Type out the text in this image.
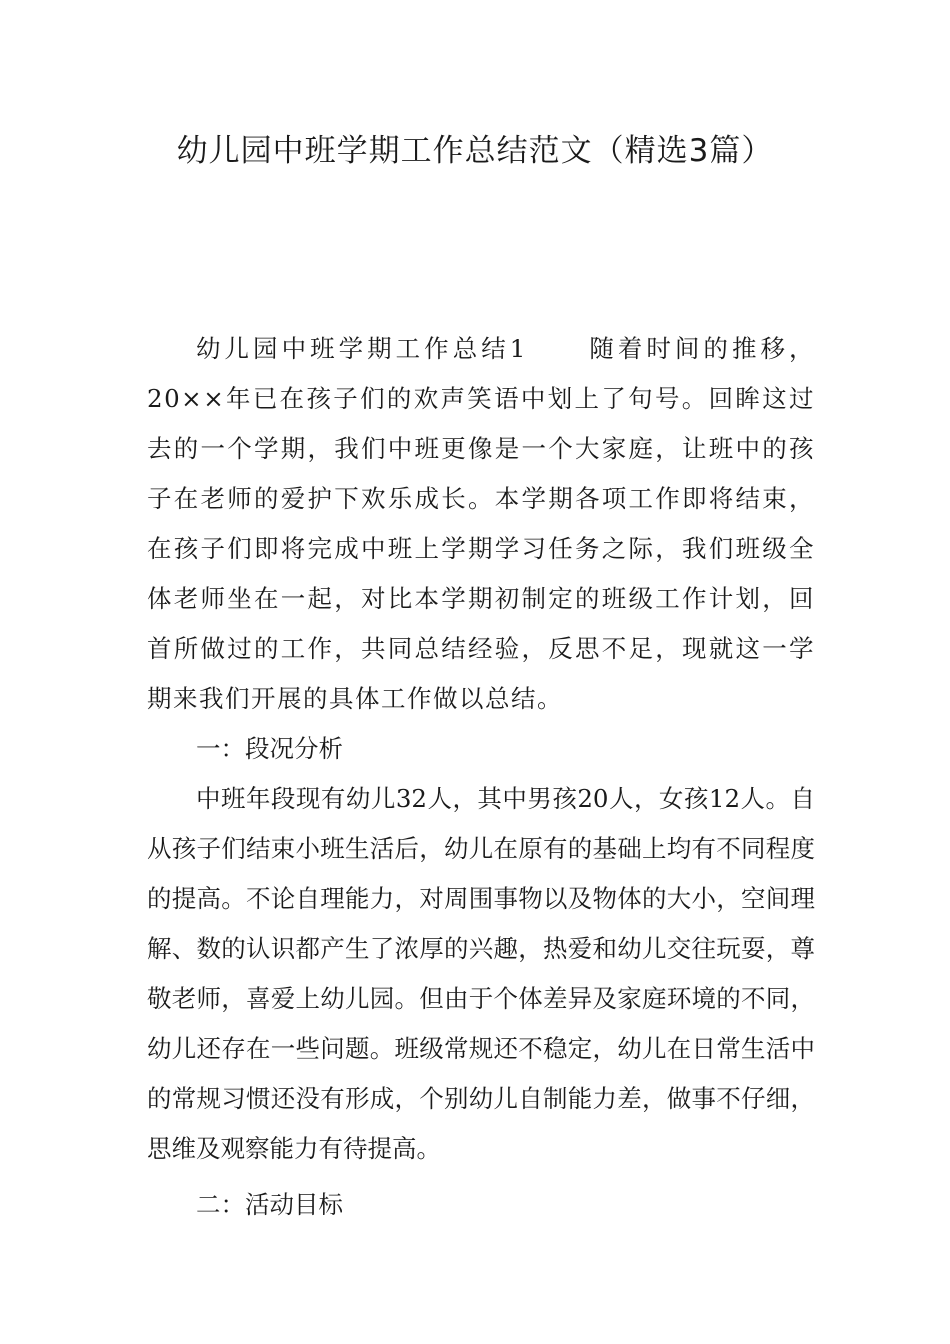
幼儿园中班学期工作总结范文（精选3篇）

幼儿园中班学期工作总结1 随着时间的推移，20××年已在孩子们的欢声笑语中划上了句号。回眸这过去的一个学期，我们中班更像是一个大家庭，让班中的孩子在老师的爱护下欢乐成长。本学期各项工作即将结束，在孩子们即将完成中班上学期学习任务之际，我们班级全体老师坐在一起，对比本学期初制定的班级工作计划，回首所做过的工作，共同总结经验，反思不足，现就这一学期来我们开展的具体工作做以总结。

一：段况分析

中班年段现有幼儿32人，其中男孩20人，女孩12人。自从孩子们结束小班生活后，幼儿在原有的基础上均有不同程度的提高。不论自理能力，对周围事物以及物体的大小，空间理解、数的认识都产生了浓厚的兴趣，热爱和幼儿交往玩耍，尊敬老师，喜爱上幼儿园。但由于个体差异及家庭环境的不同，幼儿还存在一些问题。班级常规还不稳定，幼儿在日常生活中的常规习惯还没有形成，个别幼儿自制能力差，做事不仔细，思维及观察能力有待提高。

二：活动目标
